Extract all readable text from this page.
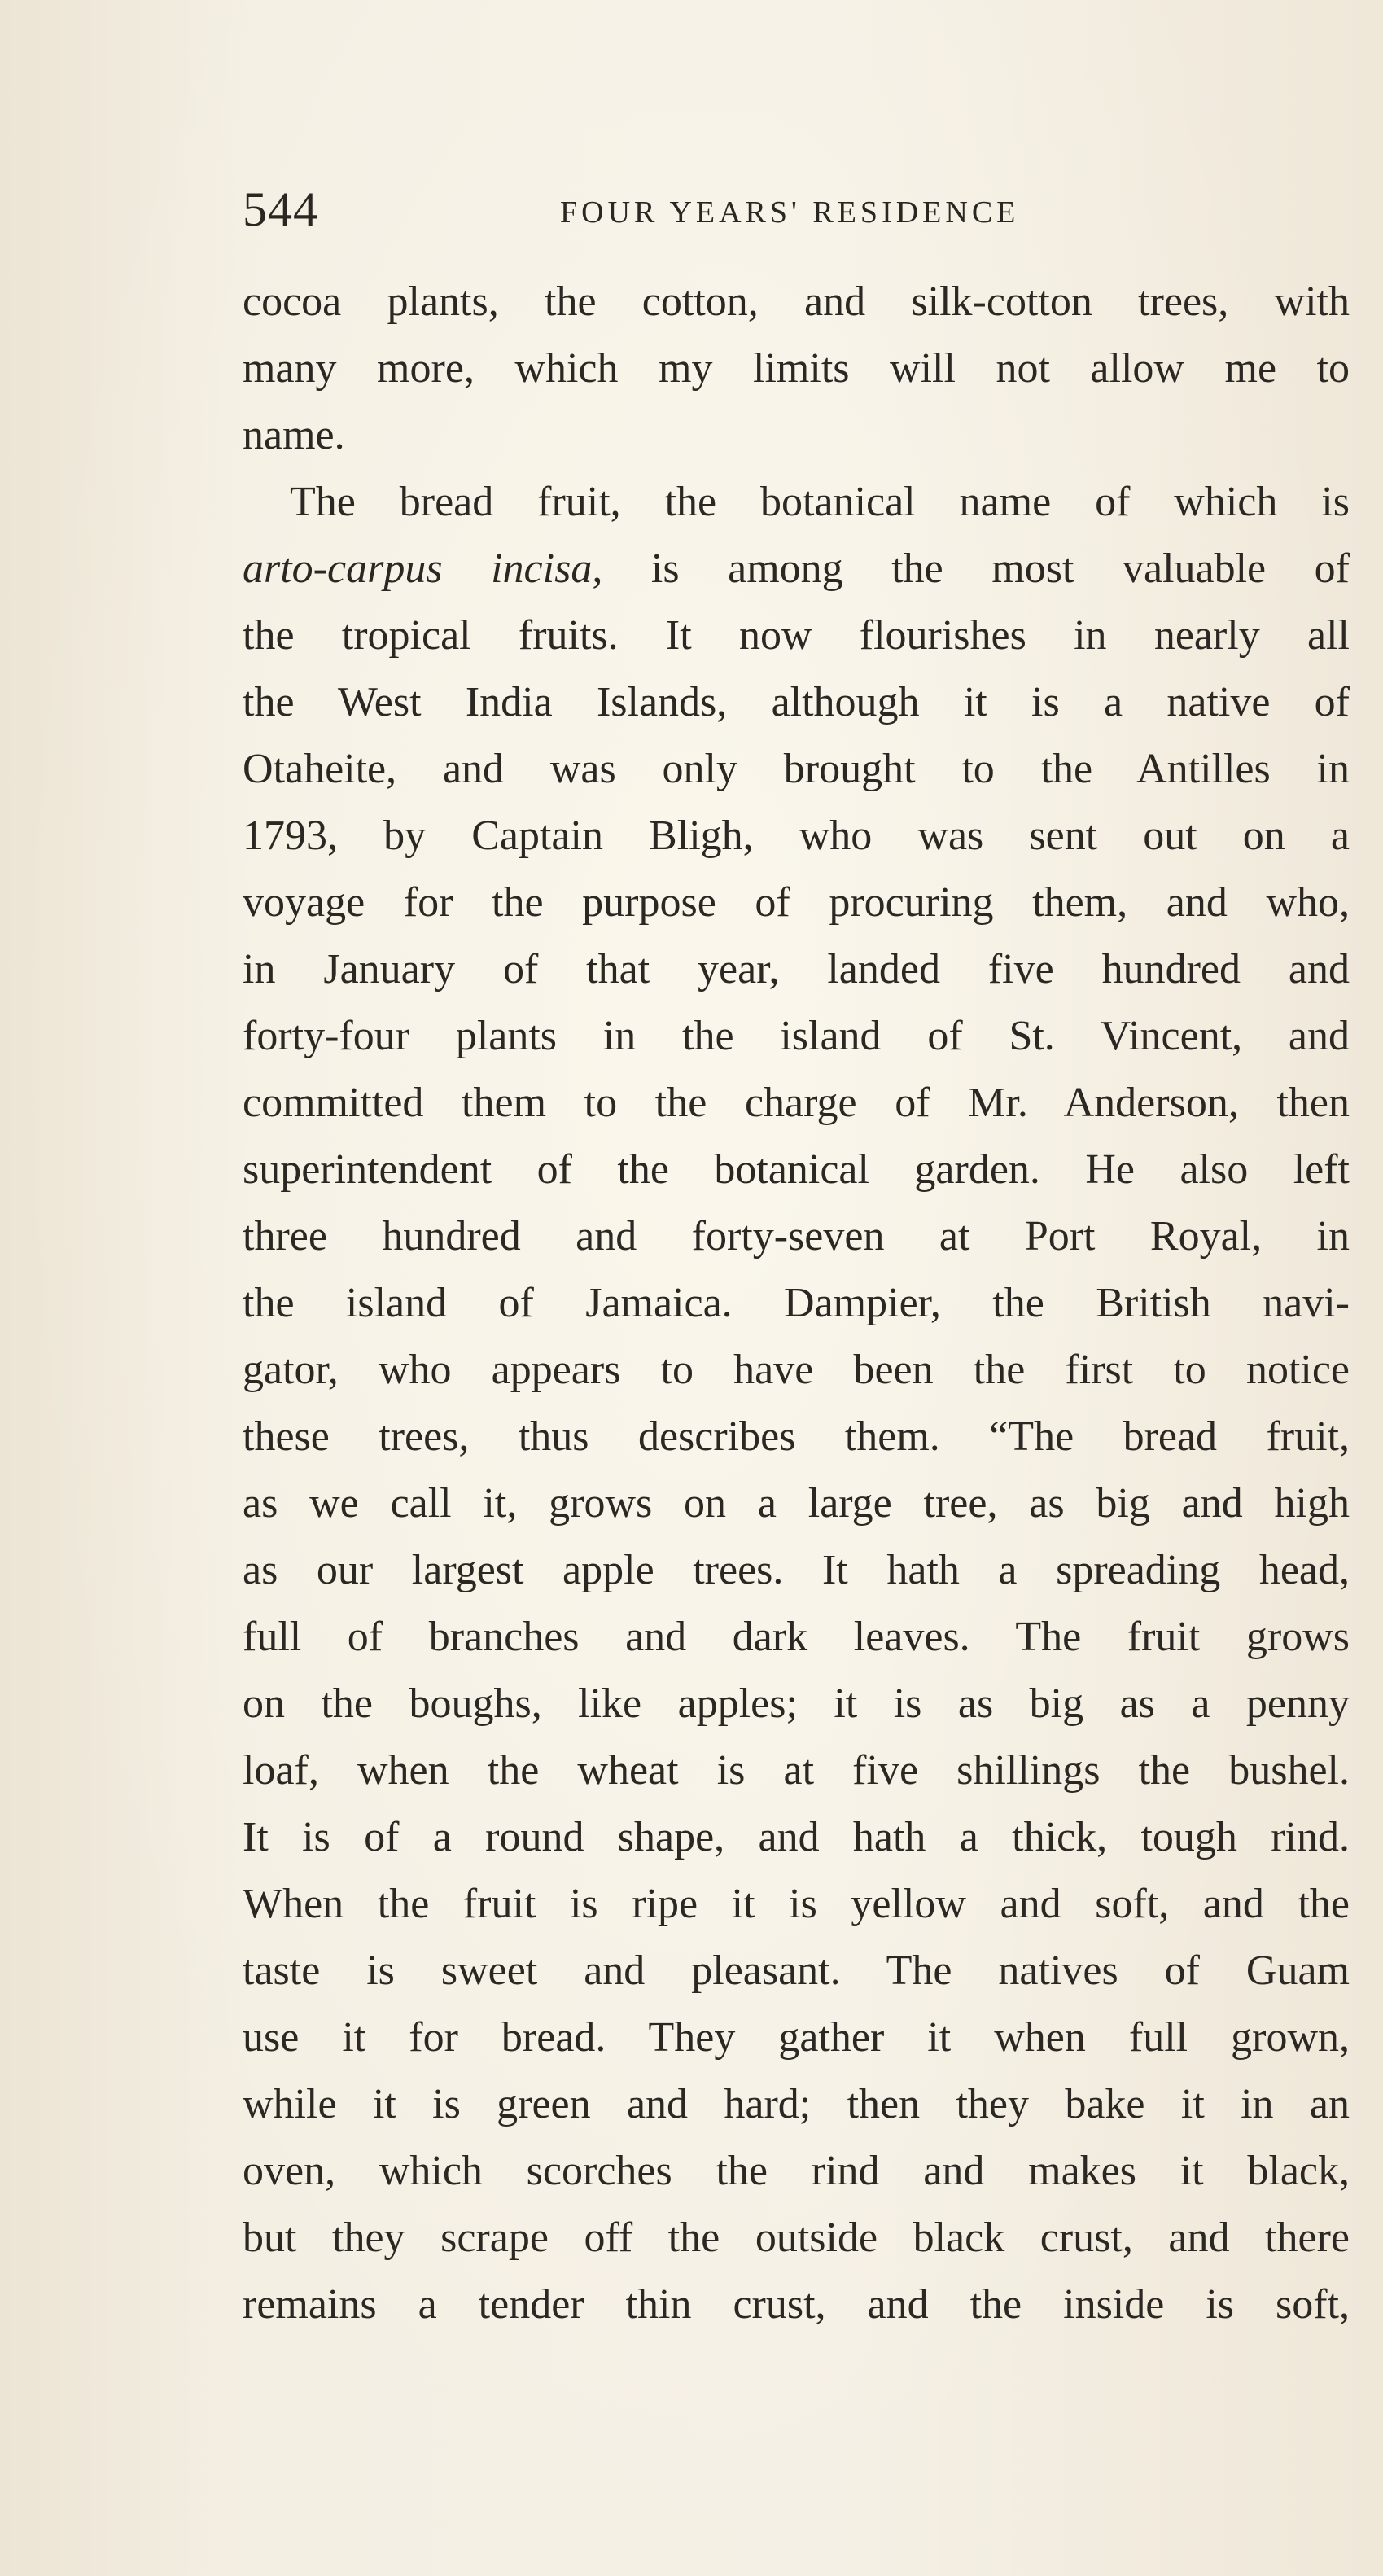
544	FOUR YEARS' RESIDENCE
cocoa plants, the cotton, and silk-cotton trees, with
many more, which my limits will not allow me to
name.
The bread fruit, the botanical name of which is
arto-carpus incisa, is among the most valuable of
the tropical fruits. It now flourishes in nearly all
the West India Islands, although it is a native of
Otaheite, and was only brought to the Antilles in
1793, by Captain Bligh, who was sent out on a
voyage for the purpose of procuring them, and who,
in January of that year, landed five hundred and
forty-four plants in the island of St. Vincent, and
committed them to the charge of Mr. Anderson, then
superintendent of the botanical garden. He also left
three hundred and forty-seven at Port Royal, in
the island of Jamaica. Dampier, the British navi-
gator, who appears to have been the first to notice
these trees, thus describes them. “The bread fruit,
as we call it, grows on a large tree, as big and high
as our largest apple trees. It hath a spreading head,
full of branches and dark leaves. The fruit grows
on the boughs, like apples; it is as big as a penny
loaf, when the wheat is at five shillings the bushel.
It is of a round shape, and hath a thick, tough rind.
When the fruit is ripe it is yellow and soft, and the
taste is sweet and pleasant. The natives of Guam
use it for bread. They gather it when full grown,
while it is green and hard; then they bake it in an
oven, which scorches the rind and makes it black,
but they scrape off the outside black crust, and there
remains a tender thin crust, and the inside is soft,
